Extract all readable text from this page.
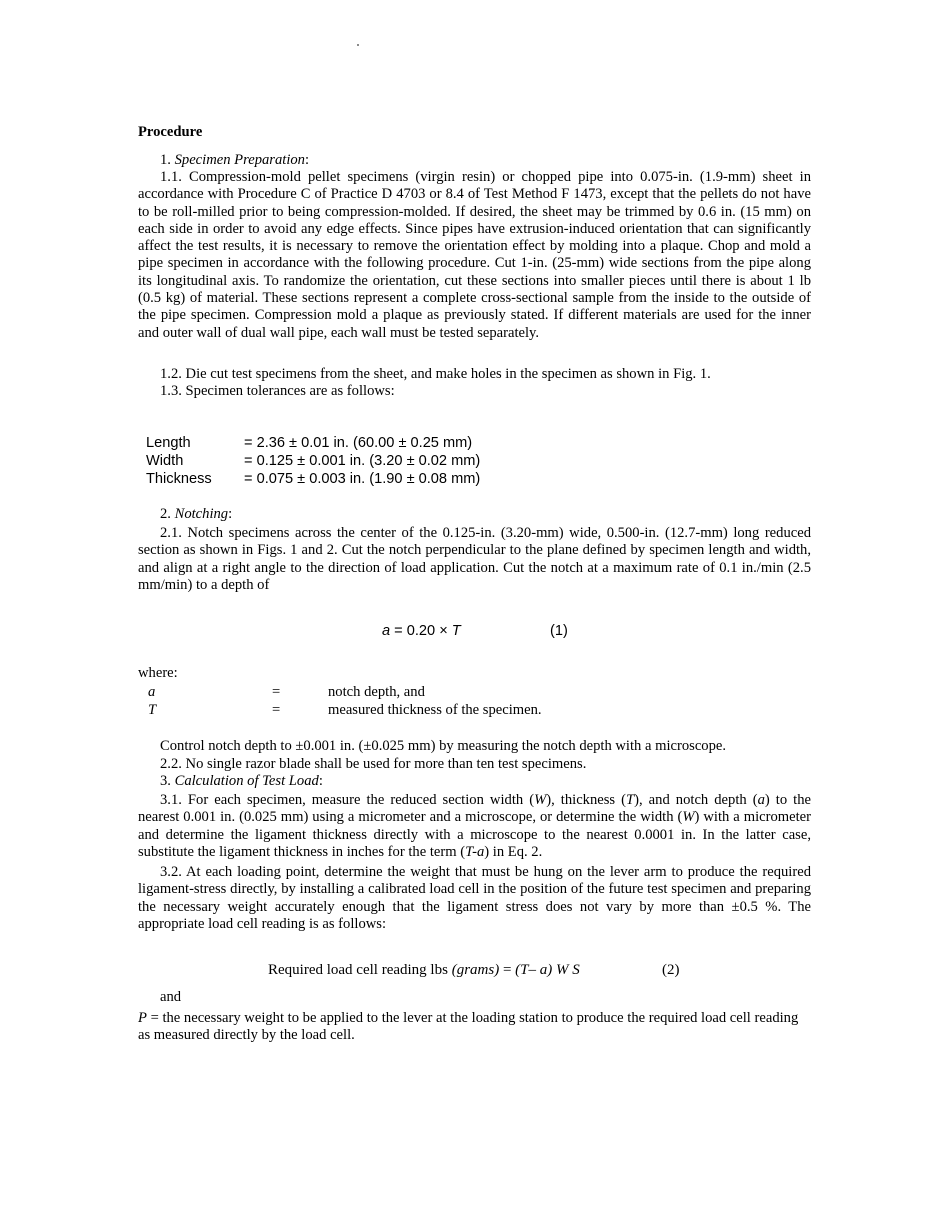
Procedure
1. Specimen Preparation:
1.1. Compression-mold pellet specimens (virgin resin) or chopped pipe into 0.075-in. (1.9-mm) sheet in accordance with Procedure C of Practice D 4703 or 8.4 of Test Method F 1473, except that the pellets do not have to be roll-milled prior to being compression-molded. If desired, the sheet may be trimmed by 0.6 in. (15 mm) on each side in order to avoid any edge effects. Since pipes have extrusion-induced orientation that can significantly affect the test results, it is necessary to remove the orientation effect by molding into a plaque. Chop and mold a pipe specimen in accordance with the following procedure. Cut 1-in. (25-mm) wide sections from the pipe along its longitudinal axis. To randomize the orientation, cut these sections into smaller pieces until there is about 1 lb (0.5 kg) of material. These sections represent a complete cross-sectional sample from the inside to the outside of the pipe specimen. Compression mold a plaque as previously stated. If different materials are used for the inner and outer wall of dual wall pipe, each wall must be tested separately.
1.2. Die cut test specimens from the sheet, and make holes in the specimen as shown in Fig. 1.
1.3. Specimen tolerances are as follows:
Length	= 2.36 ± 0.01 in. (60.00 ± 0.25 mm)
Width	= 0.125 ± 0.001 in. (3.20 ± 0.02 mm)
Thickness = 0.075 ± 0.003 in. (1.90 ± 0.08 mm)
2. Notching:
2.1. Notch specimens across the center of the 0.125-in. (3.20-mm) wide, 0.500-in. (12.7-mm) long reduced section as shown in Figs. 1 and 2. Cut the notch perpendicular to the plane defined by specimen length and width, and align at a right angle to the direction of load application. Cut the notch at a maximum rate of 0.1 in./min (2.5 mm/min) to a depth of
a = 0.20 × T	(1)
where:
a	=	notch depth, and
T	=	measured thickness of the specimen.
Control notch depth to ±0.001 in. (±0.025 mm) by measuring the notch depth with a microscope.
2.2. No single razor blade shall be used for more than ten test specimens.
3. Calculation of Test Load:
3.1. For each specimen, measure the reduced section width (W), thickness (T), and notch depth (a) to the nearest 0.001 in. (0.025 mm) using a micrometer and a microscope, or determine the width (W) with a micrometer and determine the ligament thickness directly with a microscope to the nearest 0.0001 in. In the latter case, substitute the ligament thickness in inches for the term (T-a) in Eq. 2.
3.2. At each loading point, determine the weight that must be hung on the lever arm to produce the required ligament-stress directly, by installing a calibrated load cell in the position of the future test specimen and preparing the necessary weight accurately enough that the ligament stress does not vary by more than ±0.5 %. The appropriate load cell reading is as follows:
Required load cell reading lbs (grams) = (T– a) W S	(2)
and
P = the necessary weight to be applied to the lever at the loading station to produce the required load cell reading as measured directly by the load cell.
